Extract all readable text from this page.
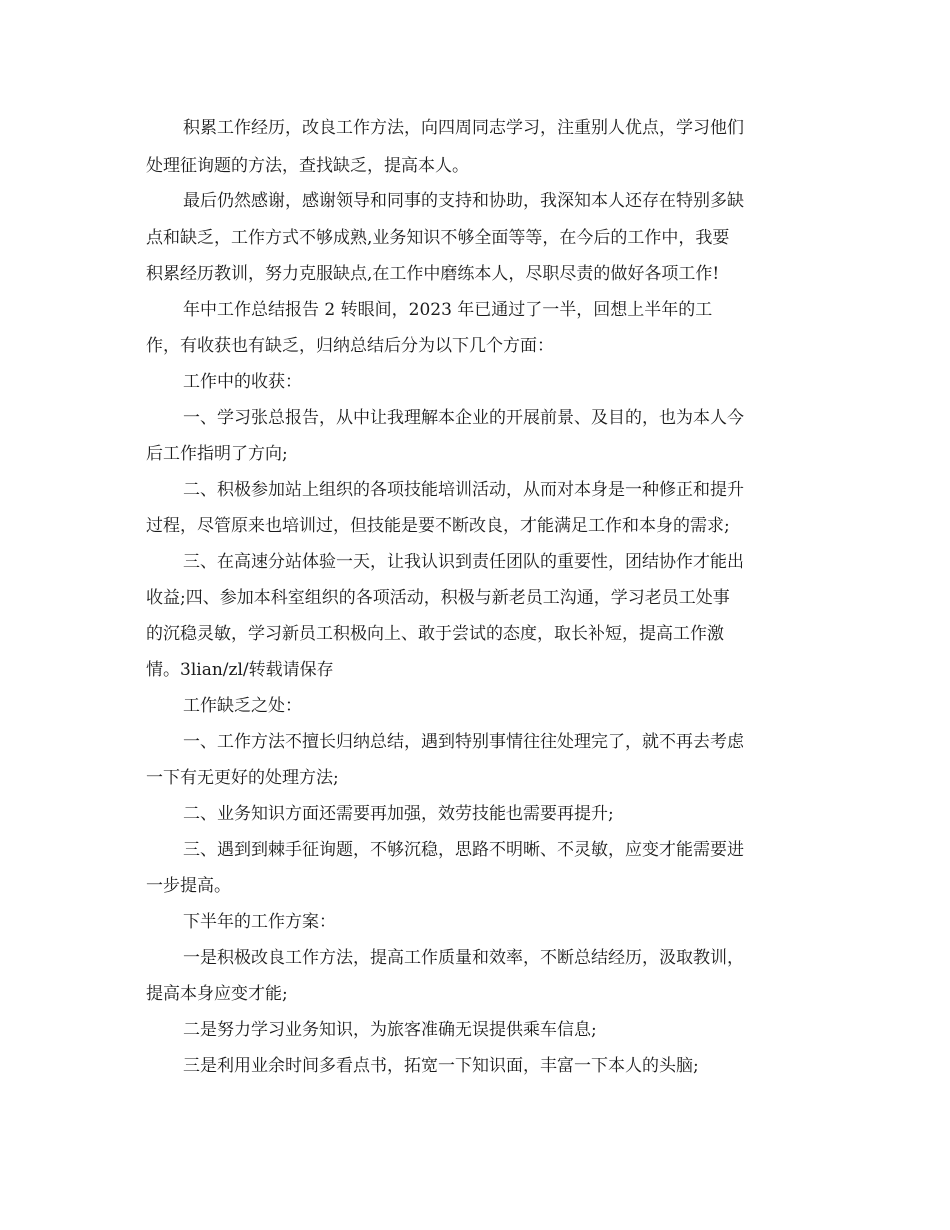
积累工作经历，改良工作方法，向四周同志学习，注重别人优点，学习他们
处理征询题的方法，查找缺乏，提高本人。
最后仍然感谢，感谢领导和同事的支持和协助，我深知本人还存在特别多缺
点和缺乏，工作方式不够成熟,业务知识不够全面等等，在今后的工作中，我要
积累经历教训，努力克服缺点,在工作中磨练本人，尽职尽责的做好各项工作!
年中工作总结报告 2 转眼间，2023 年已通过了一半，回想上半年的工
作，有收获也有缺乏，归纳总结后分为以下几个方面：
工作中的收获：
一、学习张总报告，从中让我理解本企业的开展前景、及目的，也为本人今
后工作指明了方向;
二、积极参加站上组织的各项技能培训活动，从而对本身是一种修正和提升
过程，尽管原来也培训过，但技能是要不断改良，才能满足工作和本身的需求;
三、在高速分站体验一天，让我认识到责任团队的重要性，团结协作才能出
收益;四、参加本科室组织的各项活动，积极与新老员工沟通，学习老员工处事
的沉稳灵敏，学习新员工积极向上、敢于尝试的态度，取长补短，提高工作激
情。3lian/zl/转载请保存
工作缺乏之处：
一、工作方法不擅长归纳总结，遇到特别事情往往处理完了，就不再去考虑
一下有无更好的处理方法;
二、业务知识方面还需要再加强，效劳技能也需要再提升;
三、遇到到棘手征询题，不够沉稳，思路不明晰、不灵敏，应变才能需要进
一步提高。
下半年的工作方案：
一是积极改良工作方法，提高工作质量和效率，不断总结经历，汲取教训，
提高本身应变才能;
二是努力学习业务知识，为旅客准确无误提供乘车信息;
三是利用业余时间多看点书，拓宽一下知识面，丰富一下本人的头脑;
